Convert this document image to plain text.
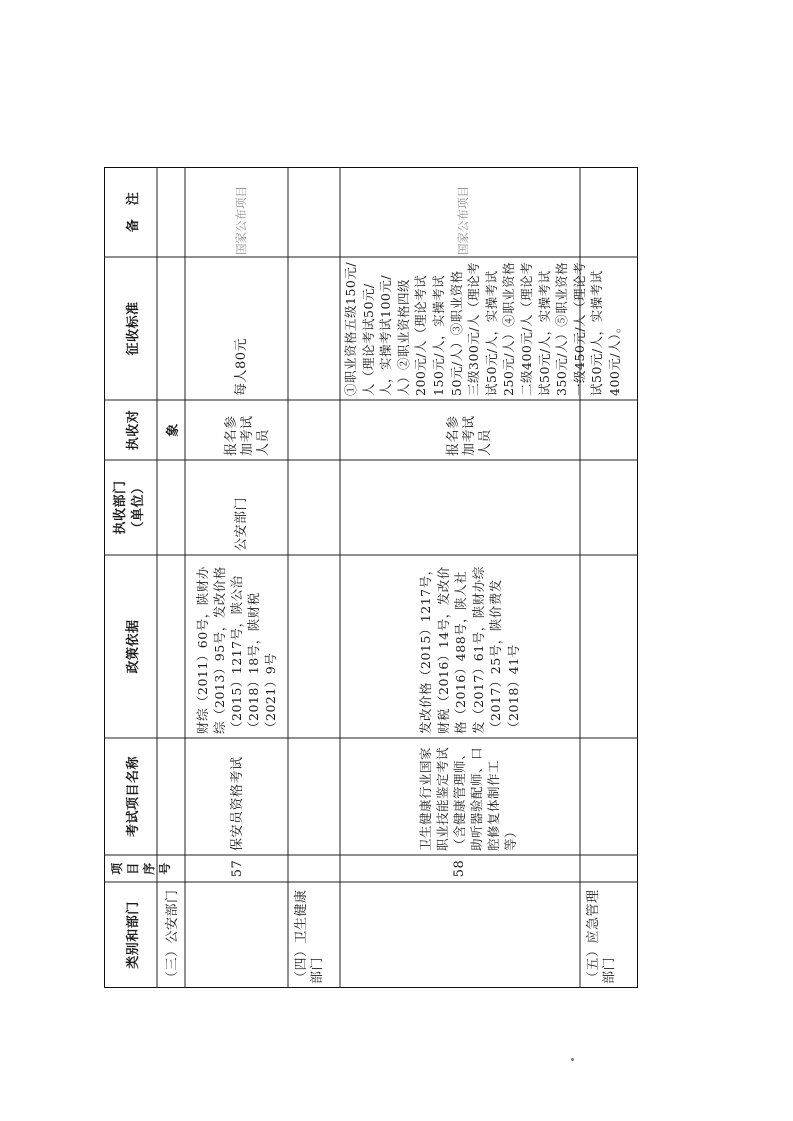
类别和部门
项目序号
考试项目名称
政策依据
执收部门（单位）
执收对象
征收标准
备　注
（三）公安部门
57
保安员资格考试
财综（2011）60号，陕财办综（2013）95号，发改价格（2015）1217号，陕公治（2018）18号，陕财税（2021）9号
公安部门
报名参加考试人员
每人80元
国家公布项目
（四）卫生健康部门
58
卫生健康行业国家职业技能鉴定考试（含健康管理师、助听器验配师、口腔修复体制作工等）
发改价格（2015）1217号，财税（2016）14号，发改价格（2016）488号，陕人社发（2017）61号，陕财办综（2017）25号，陕价费发（2018）41号
报名参加考试人员
①职业资格五级150元/人（理论考试50元/人，实操考试100元/人）②职业资格四级200元/人（理论考试150元/人，实操考试50元/人）③职业资格三级300元/人（理论考试50元/人，实操考试250元/人）④职业资格二级400元/人（理论考试50元/人，实操考试350元/人）⑤职业资格一级450元/人（理论考试50元/人，实操考试400元/人）。
国家公布项目
（五）应急管理部门
